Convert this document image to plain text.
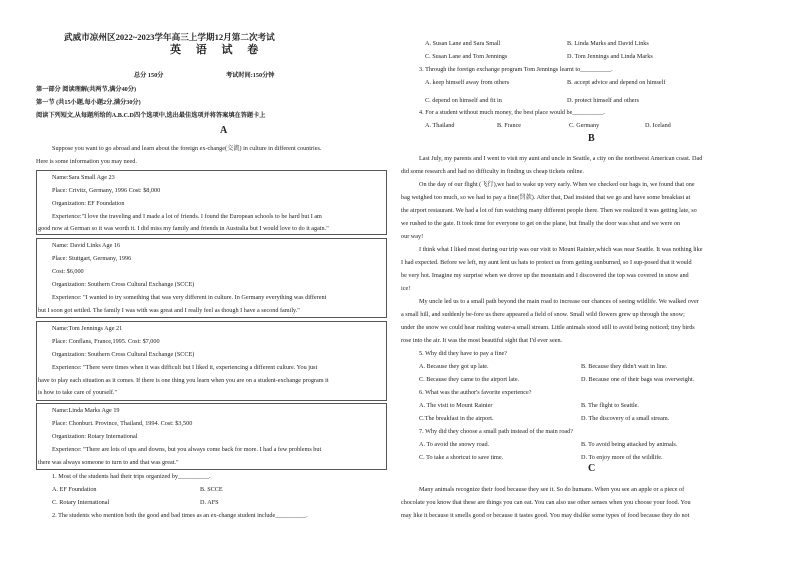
武威市凉州区2022~2023学年高三上学期12月第二次考试
英 语 试 卷
总分 150分	考试时间:150分钟
第一部分 阅读理解(共两节,满分40分)
第一节 (共15小题,每小题2分,满分30分)
阅读下列短文,从每题所给的A.B.C.D四个选项中,选出最佳选项并将答案填在答题卡上
A
Suppose you want to go abroad and learn about the foreign ex-change(交流) in culture in different countries.
Here is some information you may need.
Name:Sara Small Age 23
Place: Crivitz, Germany, 1996 Cost: $8,000
Organization: EF Foundation
Experience:"I love the traveling and I made a lot of friends. I found the European schools to be hard but I am
good now at German so it was worth it. I did miss my family and friends in Australia but I would love to do it again."
Name: David Links Age 16
Place: Stuttgart, Germany, 1996
Cost: $6,000
Organization: Southern Cross Cultural Exchange (SCCE)
Experience: "I wanted to try something that was very different in culture. In Germany everything was different
but I soon got settled. The family I was with was great and I really feel as though I have a second family."
Name:Tom Jennings Age 21
Place: Conflans, France,1995. Cost: $7,000
Organization: Southern Cross Cultural Exchange (SCCE)
Experience: "There were times when it was difficult but I liked it, experiencing a different culture. You just
have to play each situation as it comes. If there is one thing you learn when you are on a student-exchange program it
is how to take care of yourself."
Name:Linda Marks Age 19
Place: Chonburi. Province, Thailand, 1994. Cost: $3,500
Organization: Rotary International
Experience: "There are lots of ups and downs, but you always come back for more. I had a few problems but
there was always someone to turn to and that was great."
1. Most of the students had their trips organized by__________.
A. EF Foundation	B. SCCE
C. Rotary International	D. AFS
2. The students who mention both the good and bad times as an ex-change student include__________.
A. Susan Lane and Sara Small	B. Linda Marks and David Links
C. Susan Lane and Tom Jennings	D. Tom Jennings and Linda Marks
3. Through the foreign exchange program Tom Jennings learnt to__________.
A. keep himself away from others	B. accept advice and depend on himself
C. depend on himself and fit in	D. protect himself and others
4. For a student without much money, the best place would be__________.
A. Thailand	B. France	C. Germany	D. Iceland
B
Last July, my parents and I went to visit my aunt and uncle in Seattle, a city on the northwest American coast. Dad
did some research and had no difficulty in finding us cheap tickets online.
On the day of our flight (飞行),we had to wake up very early. When we checked our bags in, we found that one
bag weighed too much, so we had to pay a fine(罚款). After that, Dad insisted that we go and have some breakfast at
the airport restaurant. We had a lot of fun watching many different people there. Then we realized it was getting late, so
we rushed to the gate. It took time for everyone to get on the plane, but finally the door was shut and we were on
our way!
I think what I liked most during our trip was our visit to Mount Rainier,which was near Seattle. It was nothing like
I had expected. Before we left, my aunt lent us hats to protect us from getting sunburned, so I sup-posed that it would
be very hot. Imagine my surprise when we drove up the mountain and I discovered the top was covered in snow and
ice!
My uncle led us to a small path beyond the main road to increase our chances of seeing wildlife. We walked over
a small hill, and suddenly be-fore us there appeared a field of snow. Small wild flowers grew up through the snow;
under the snow we could hear rushing water-a small stream. Little animals stood still to avoid being noticed; tiny birds
rose into the air. It was the most beautiful sight that I'd ever seen.
5. Why did they have to pay a fine?
A. Because they got up late.	B. Because they didn't wait in line.
C. Because they came to the airport late.	D. Because one of their bags was overweight.
6. What was the author's favorite experience?
A. The visit to Mount Rainier	B. The flight to Seattle.
C.The breakfast in the airport.	D. The discovery of a small stream.
7. Why did they choose a small path instead of the main road?
A. To avoid the snowy road.	B. To avoid being attacked by animals.
C. To take a shortcut to save time.	D. To enjoy more of the wildlife.
C
Many animals recognize their food because they see it. So do humans. When you see an apple or a piece of
chocolate you know that these are things you can eat. You can also use other senses when you choose your food. You
may like it because it smells good or because it tastes good. You may dislike some types of food because they do not
